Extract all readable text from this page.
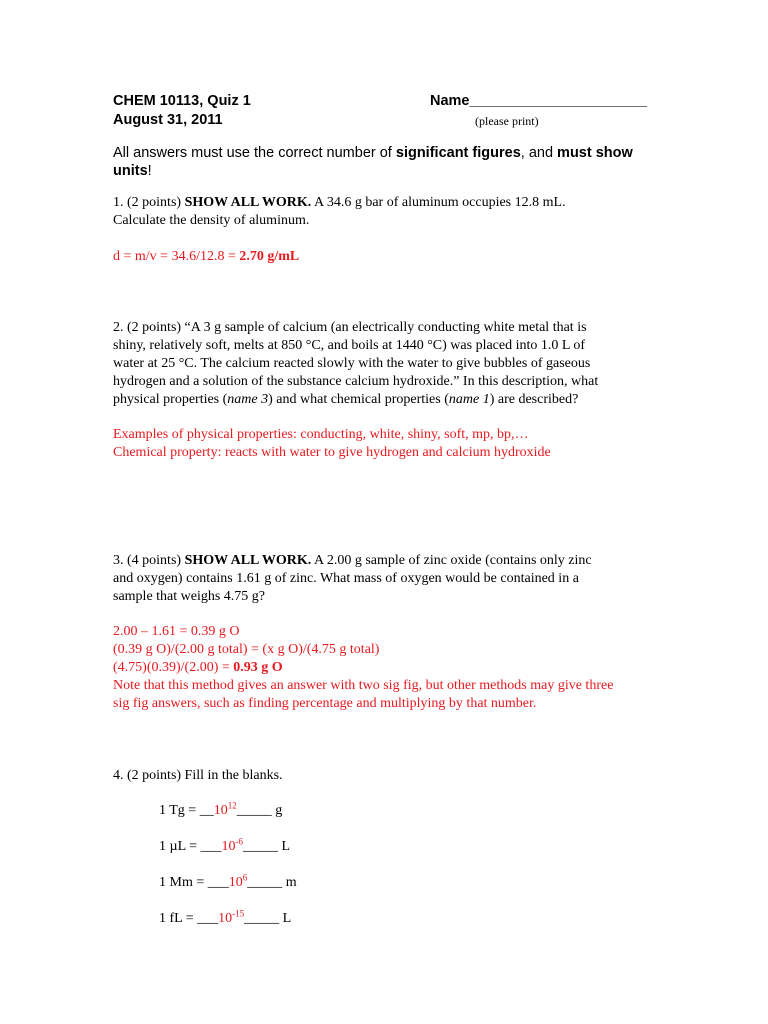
CHEM 10113, Quiz 1
August 31, 2011
Name______________________
(please print)
All answers must use the correct number of significant figures, and must show
units!
1. (2 points) SHOW ALL WORK. A 34.6 g bar of aluminum occupies 12.8 mL.
Calculate the density of aluminum.
d = m/v = 34.6/12.8 = 2.70 g/mL
2. (2 points) “A 3 g sample of calcium (an electrically conducting white metal that is
shiny, relatively soft, melts at 850 °C, and boils at 1440 °C) was placed into 1.0 L of
water at 25 °C. The calcium reacted slowly with the water to give bubbles of gaseous
hydrogen and a solution of the substance calcium hydroxide.” In this description, what
physical properties (name 3) and what chemical properties (name 1) are described?
Examples of physical properties: conducting, white, shiny, soft, mp, bp,…
Chemical property: reacts with water to give hydrogen and calcium hydroxide
3. (4 points) SHOW ALL WORK. A 2.00 g sample of zinc oxide (contains only zinc
and oxygen) contains 1.61 g of zinc. What mass of oxygen would be contained in a
sample that weighs 4.75 g?
2.00 – 1.61 = 0.39 g O
(0.39 g O)/(2.00 g total) = (x g O)/(4.75 g total)
(4.75)(0.39)/(2.00) = 0.93 g O
Note that this method gives an answer with two sig fig, but other methods may give three
sig fig answers, such as finding percentage and multiplying by that number.
4. (2 points) Fill in the blanks.
1 $Tg = \_\_10^{12}\_\_\_\_\_$ g
1 $\mu L = \_\_\_10^{-6}\_\_\_\_\_$ L
1 $Mm = \_\_\_10^6\_\_\_\_\_$ m
1 fL = $\_\_\_10^{-15}\_\_\_\_\_$ L
